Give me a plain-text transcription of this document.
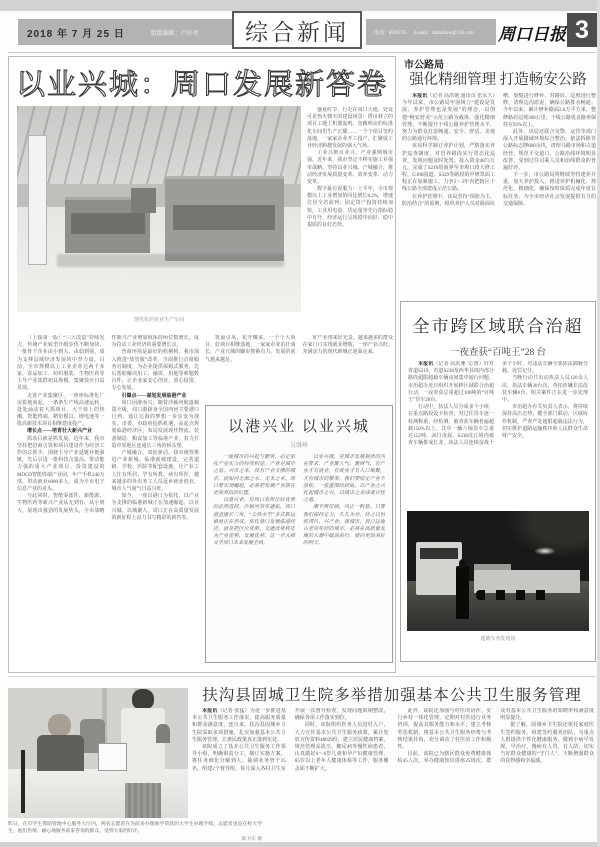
2018 年 7 月 25 日	组版编辑：卢好亮 综合新闻	电话：8599735 E-mail：zkrbzhxw@126.com 周口日报 3
以业兴城：周口发展新答卷
现代化的企业生产车间

盛夏时节，行走在周口大地，处处可见热火朝天的建设场景：塔吊林立的项目工地上机器轰鸣，宽敞明亮的标准化车间里生产正酣……一个个项目签约落地，一家家企业开工投产，汇聚成工业经济跨越发展的强大气场。

工业兴则百业兴，产业强则城市强。近年来，我市坚定不移实施工业强市战略，坚持以业兴城、产城融合，推动经济发展质量变革、效率变革、动力变革。

数字最有说服力：上半年，全市规模以上工业增加值同比增长8.2%，增速位居全省前列；固定资产投资持续加快，工业用电量、货运量等先行指标稳中有升，经济运行呈现稳中向好、稳中提质的良好态势。

（上接第一版）“三大改造”持续发力，传统产业转型升级步伐不断加快，一批骨干企业由小到大、由弱到强，成为支撑县域经济发展的中坚力量。目前，全市规模以上工业企业达两千多家，食品加工、纺织服装、生物医药等主导产业集群初具规模，集聚效应日益显现。

走进产业集聚区，一座座标准化厂房拔地而起，一条条生产线高速运转，处处涌动着大抓项目、大干快上的热潮，智能终端、精密模具、锂电池等一批高新技术项目相继建成投产。

增长点——培育壮大新兴产业

抓项目就是抓发展。近年来，我市坚持把招商引资和项目建设作为经济工作的总抓手，围绕主导产业延链补链强链，先后引进一批科技含量高、带动能力强的重大产业项目。投资建设的MOCO智能终端产业园，年产手机240万部，带动就业6000多人，成为全市电子信息产业的龙头。

与此同时，智能零部件、新能源、生物医药等新兴产业从无到有、从小到大，展现出强劲的发展势头，全市战略性新兴产业增加值保持两位数增长，成为拉动工业经济的重要增长点。

营商环境是最好的梧桐树。我市深入推进“放管服”改革，全面推行首席服务官制度，为企业提供保姆式服务，先后帮助解决用工、融资、用地等难题数百件，让企业家安心创业、放心投资、专心发展。

引爆点——谋划发展临港产业

周口因港而兴。随着沙颍河航道疏浚升级，周口港跻身全国内河主要港口行列，通江达海的梦想一步步变为现实。市委、市政府抢抓机遇，高起点规划临港经济区，布局发展现代物流、装备制造、粮食加工等临港产业，着力打造中原地区连通长三角的桥头堡。

产城融合，双轮驱动。我市统筹推进产业新城、临港新城建设，完善道路、学校、医院等配套设施，让产业工人住有所居、学有所教、病有所医，越来越多的外出务工人员返乡就业创业，城市人气商气日益兴旺。

如今，一座以港口为依托、以产业为支撑的临港新城正在加速崛起。以业兴城、以城聚人，周口正在高质量发展的新征程上奋力书写精彩的新答卷。

筑巢引凤，花开蝶来。一个个大项目、好项目相继落地，一家家企业茁壮成长，产业兴城的脚步铿锵有力，发展的底气越来越足。

好产业带来好光景。越来越多的群众在家门口实现就业增收，一座产业兴旺、充满活力的现代新城正迎面走来。

以港兴业 以业兴城
吴继峰

一座城市的兴起与繁荣，必定依托产业实力的持续积淀。产业是城市之基、兴市之本，没有产业支撑的城市，就如同无源之水、无本之木。周口要实现崛起，必须把发展产业摆在更加突出的位置。

以港兴业，是周口发挥比较优势的必然选择。沙颍河常年通航，周口港直通长三角，“公铁水空”多式联运格局正在形成。依托港口发展临港经济，就是把区位优势、交通优势转化为产业优势、发展优势，这一步大棋关乎周口未来发展全局。

以业兴城，是城市发展规律的内在要求。产业聚人气、聚财气，有产业才有就业，有就业才有人口集聚，才有城市的繁荣。我们要咬定产业不放松，一张蓝图绘到底，以产业之兴托起城市之兴，以城市之美成就百姓之福。

潮平两岸阔，风正一帆悬。只要我们保持定力、久久为功，持之以恒抓项目、兴产业、强城市，周口这座古老而年轻的城市，必将在高质量发展的大潮中破浪前行，驶向更加美好的明天。

市公路局
强化精细管理 打造畅安公路

本报讯（记者 高洪驰 通讯员 张永久）今年以来，市公路局牢固树立“建设是发展、养护管理也是发展”的理念，以创建“畅安舒美”示范公路为载体，强化精细管理，不断提升干线公路养护管理水平，努力为群众打造畅通、安全、舒适、美观的公路通行环境。

该局科学制订养护计划，严格落实养护巡查制度，对管养路段实行常态化巡查，发现问题及时处置。投入资金4873万元，完成了S219周商界至李埠口段大修工程，G106国道、S329等路段的中修罩面工程正在加紧施工，力争2～3年内把辖区干线公路全部建成示范公路。

在养护管理中，该局坚持“预防为主、防治结合”的原则，组织养护人员对路面坑槽、裂缝进行修补，对路肩、边坡进行整修，清理边沟淤泥，确保公路排水畅通。今年以来，累计修补路面2.6万平方米，整修路肩边坡360公里，干线公路优良路率保持在92%以上。

此外，该局还联合交警、运管等部门深入开展路域环境综合整治，依法拆除非公路标志牌600余块，清理马路市场和占道经营，规范平交道口，公路沿线环境明显改善，受到过往司乘人员和沿线群众的普遍好评。

下一步，市公路局将继续坚持建养并重，加大养护投入，推进养护机械化、规范化、精细化，确保按时保质完成年度目标任务，为全市经济社会发展提供有力的交通保障。

全市跨区域联合治超
一夜查获“百吨王”28 台

本报讯（记者 高洪驰 文/图）针对省道S219、省道S238及西华县境内部分路段超限超载车辆夜间集中通行问题，市治超办近日组织开展跨区域联合治超行动，一夜查获总重超过100吨的“百吨王”货车28台。

行动中，执法人员分成多个小组，在重点路段设卡检查，对过往货车逐一检测称重。经检测，被查获车辆普遍超载150%以上，其中一辆六轴货车总重达152吨。26日凌晨，S238沈丘境内被查车辆排成长龙，执法人员连续奋战十多个小时，对违法车辆全部依法卸载分载、处罚记分。

当晚行动共出动执法人员120余人次、执法车辆30台次，查扣涉嫌非法改装车辆6台，相关案件正在进一步处理中。

市治超办有关负责人表示，将持续保持高压态势，健全部门联动、区域协作机制，严查严处超限超载违法行为，切实维护道路运输秩序和人民群众生命财产安全。

超载车查处现场
昨日，在市学生资助管理中心服务大厅内，两名志愿者在为前来办理助学贷款的大学生办理手续。志愿者也是在校大学生，他们热情、耐心地服务前来咨询的群众，受到大家的好评。
陈卫东 摄
扶沟县固城卫生院多举措加强基本公共卫生服务管理

本报讯（记者 张猛）为进一步推进基本公共卫生服务工作落实，提高服务质量和群众满意度，连日来，扶沟县固城乡卫生院采取多项措施，扎实加强基本公共卫生服务管理，让惠民政策真正落到实处。

该院成立了基本公共卫生服务工作领导小组，明确职责分工，制订实施方案，将任务细化分解到人。抽调业务骨干15名，组建2个督导组，每月深入各村卫生室开展一次督导检查，发现问题限期整改，确保各项工作落实到位。

同时，该院组织医务人员进村入户，大力宣传基本公共卫生服务政策，累计发放宣传资料48029份，建立居民健康档案，规范管理高血压、糖尿病等慢性病患者，认真做好0～6岁儿童和孕产妇健康管理、65岁以上老年人健康体检等工作，服务覆盖面不断扩大。

此外，该院还加强与村医的协作，实行乡村一体化管理，定期对村医进行业务培训，提高其服务能力和水平；建立考核奖惩机制，将基本公共卫生服务经费与考核结果挂钩，充分调动了村医的工作积极性。

目前，该院已为辖区群众免费健康体检45人次，举办健康知识讲座25场次，群众对基本公共卫生服务的知晓率和满意度明显提升。

据了解，固城乡卫生院还依托家庭医生签约服务，组建签约服务团队，为重点人群提供个性化健康服务，做到小病早发现、早治疗，慢病有人管、有人防，切实当好群众健康的“守门人”，不断增强群众的获得感和幸福感。
